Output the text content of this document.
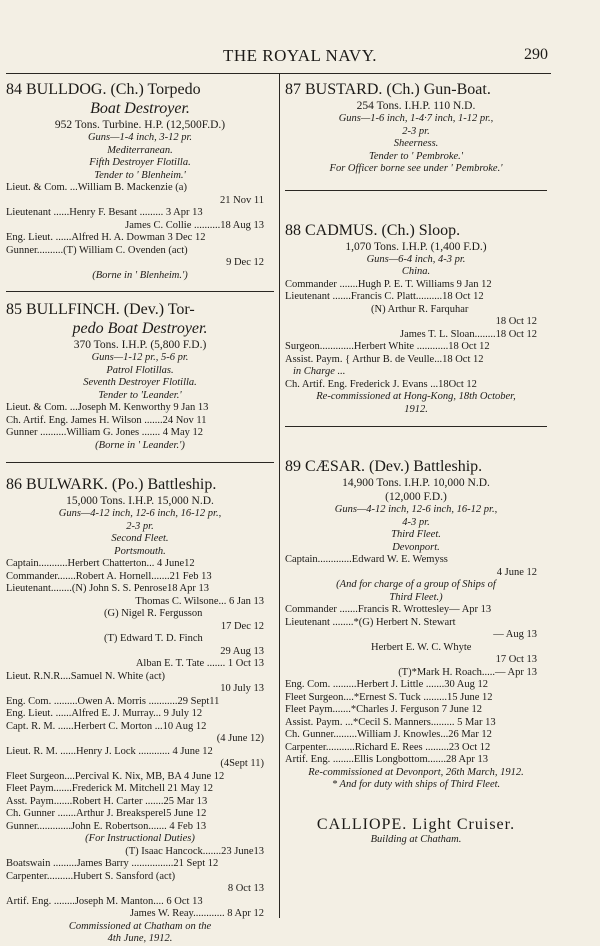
THE ROYAL NAVY.	290
84 BULLDOG. (Ch.) Torpedo
Boat Destroyer.
952 Tons. Turbine. H.P. (12,500F.D.)
Guns—1-4 inch, 3-12 pr.
Mediterranean.
Fifth Destroyer Flotilla.
Tender to ' Blenheim.'
Lieut. & Com. ...William B. Mackenzie (a)
21 Nov 11
Lieutenant ......Henry F. Besant ......... 3 Apr 13
James C. Collie ..........18 Aug 13
Eng. Lieut. ......Alfred H. A. Dowman 3 Dec 12
Gunner..........(T) William C. Ovenden (act)
9 Dec 12
(Borne in ' Blenheim.')
85 BULLFINCH. (Dev.) Tor-
pedo Boat Destroyer.
370 Tons. I.H.P. (5,800 F.D.)
Guns—1-12 pr., 5-6 pr.
Patrol Flotillas.
Seventh Destroyer Flotilla.
Tender to 'Leander.'
Lieut. & Com. ...Joseph M. Kenworthy 9 Jan 13
Ch. Artif. Eng. James H. Wilson .......24 Nov 11
Gunner ..........William G. Jones ....... 4 May 12
(Borne in ' Leander.')
86 BULWARK. (Po.) Battleship.
15,000 Tons. I.H.P. 15,000 N.D.
Guns—4-12 inch, 12-6 inch, 16-12 pr.,
2-3 pr.
Second Fleet.
Portsmouth.
Captain...........Herbert Chatterton... 4 June12
Commander.......Robert A. Hornell.......21 Feb 13
Lieutenant........(N) John S. S. Penrose18 Apr 13
Thomas C. Wilsone... 6 Jan 13
(G) Nigel R. Fergusson
17 Dec 12
(T) Edward T. D. Finch
29 Aug 13
Alban E. T. Tate ....... 1 Oct 13
Lieut. R.N.R....Samuel N. White (act)
10 July 13
Eng. Com. .........Owen A. Morris ...........29 Sept11
Eng. Lieut. ......Alfred E. J. Murray... 9 July 12
Capt. R. M. ......Herbert C. Morton ...10 Aug 12
(4 June 12)
Lieut. R. M. ......Henry J. Lock ............ 4 June 12
(4Sept 11)
Fleet Surgeon....Percival K. Nix, MB, BA 4 June 12
Fleet Paym.......Frederick M. Mitchell 21 May 12
Asst. Paym.......Robert H. Carter .......25 Mar 13
Ch. Gunner .......Arthur J. Breaksperel5 June 12
Gunner.............John E. Robertson....... 4 Feb 13
(For Instructional Duties)
(T) Isaac Hancock.......23 June13
Boatswain .........James Barry ................21 Sept 12
Carpenter..........Hubert S. Sansford (act)
8 Oct 13
Artif. Eng. ........Joseph M. Manton.... 6 Oct 13
James W. Reay............ 8 Apr 12
Commissioned at Chatham on the
4th June, 1912.
87 BUSTARD. (Ch.) Gun-Boat.
254 Tons. I.H.P. 110 N.D.
Guns—1-6 inch, 1-4·7 inch, 1-12 pr.,
2-3 pr.
Sheerness.
Tender to ' Pembroke.'
For Officer borne see under ' Pembroke.'
88 CADMUS. (Ch.) Sloop.
1,070 Tons. I.H.P. (1,400 F.D.)
Guns—6-4 inch, 4-3 pr.
China.
Commander .......Hugh P. E. T. Williams 9 Jan 12
Lieutenant .......Francis C. Platt..........18 Oct 12
(N) Arthur R. Farquhar
18 Oct 12
James T. L. Sloan........18 Oct 12
Surgeon.............Herbert White ............18 Oct 12
Assist. Paym. { Arthur B. de Veulle...18 Oct 12
in Charge ...
Ch. Artif. Eng. Frederick J. Evans ...18Oct 12
Re-commissioned at Hong-Kong, 18th October,
1912.
89 CÆSAR. (Dev.) Battleship.
14,900 Tons. I.H.P. 10,000 N.D.
(12,000 F.D.)
Guns—4-12 inch, 12-6 inch, 16-12 pr.,
4-3 pr.
Third Fleet.
Devonport.
Captain.............Edward W. E. Wemyss
4 June 12
(And for charge of a group of Ships of
Third Fleet.)
Commander .......Francis R. Wrottesley— Apr 13
Lieutenant ........*(G) Herbert N. Stewart
— Aug 13
Herbert E. W. C. Whyte
17 Oct 13
(T)*Mark H. Roach.....— Apr 13
Eng. Com. .........Herbert J. Little .......30 Aug 12
Fleet Surgeon....*Ernest S. Tuck .........15 June 12
Fleet Paym.......*Charles J. Ferguson 7 June 12
Assist. Paym. ...*Cecil S. Manners......... 5 Mar 13
Ch. Gunner.........William J. Knowles...26 Mar 12
Carpenter...........Richard E. Rees .........23 Oct 12
Artif. Eng. ........Ellis Longbottom.......28 Apr 13
Re-commissioned at Devonport, 26th March, 1912.
* And for duty with ships of Third Fleet.
CALLIOPE. Light Cruiser.
Building at Chatham.
